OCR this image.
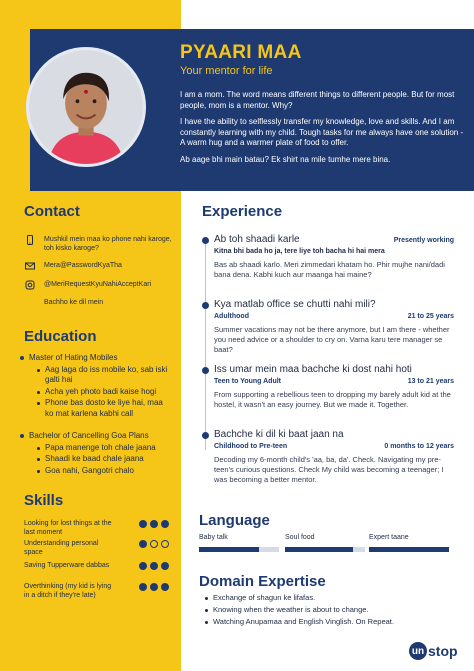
PYAARI MAA
Your mentor for life

I am a mom. The word means different things to different people. But for most people, mom is a mentor. Why?

I have the ability to selflessly transfer my knowledge, love and skills. And I am constantly learning with my child. Tough tasks for me always have one solution - A warm hug and a warmer plate of food to offer.

Ab aage bhi main batau? Ek shirt na mile tumhe mere bina.

Contact
Mushkil mein maa ko phone nahi karoge, toh kisko karoge?
Mera@PasswordKyaTha
@MeriRequestKyuNahiAcceptKari
Bachho ke dil mein
Education
Master of Hating Mobiles
Aag laga do iss mobile ko, sab iski galti hai
Acha yeh photo badi kaise hogi
Phone bas dosto ke liye hai, maa ko mat karlena kabhi call
Bachelor of Cancelling Goa Plans
Papa manenge toh chale jaana
Shaadi ke baad chale jaana
Goa nahi, Gangotri chalo
Skills
Looking for lost things at the last moment
Understanding personal space
Saving Tupperware dabbas
Overthinking (my kid is lying in a ditch if they're late)
Experience
Ab toh shaadi karle	Presently working
Kitna bhi bada ho ja, tere liye toh bacha hi hai mera
Bas ab shaadi karlo. Meri zimmedari khatam ho. Phir mujhe nani/dadi bana dena. Kabhi kuch aur maanga hai maine?
Kya matlab office se chutti nahi mili?
Adulthood	21 to 25 years
Summer vacations may not be there anymore, but I am there - whether you need advice or a shoulder to cry on. Varna karu tere manager se baat?
Iss umar mein maa bachche ki dost nahi hoti
Teen to Young Adult	13 to 21 years
From supporting a rebellious teen to dropping my barely adult kid at the hostel, it wasn't an easy journey. But we made it. Together.
Bachche ki dil ki baat jaan na
Childhood to Pre-teen	0 months to 12 years
Decoding my 6-month child's 'aa, ba, da'. Check. Navigating my pre-teen's curious questions. Check My child was becoming a teenager; I was becoming a better mentor.
Language
Baby talk	Soul food	Expert taane
Domain Expertise
Exchange of shagun ke lifafas.
Knowing when the weather is about to change.
Watching Anupamaa and English Vinglish. On Repeat.
un stop
